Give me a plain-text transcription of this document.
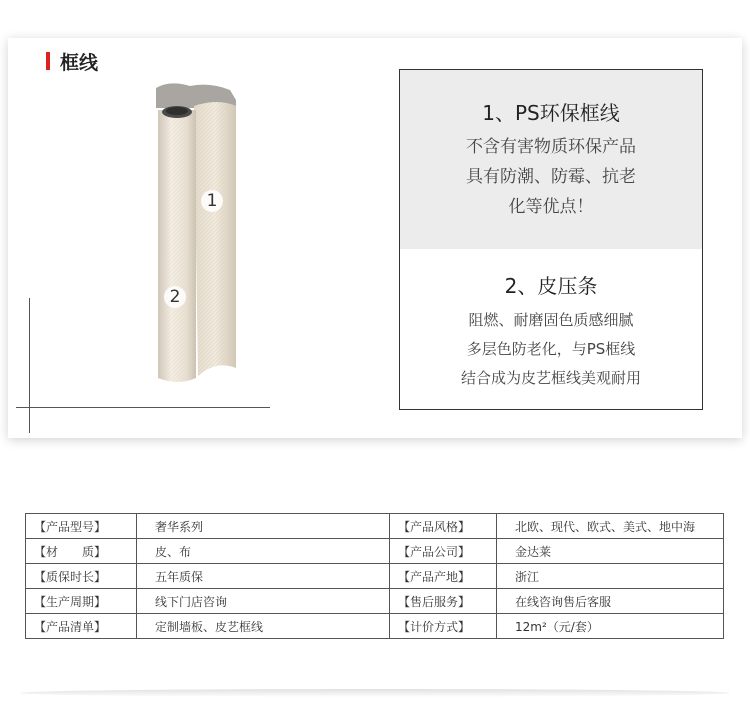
框线
1
2
1、PS环保框线
不含有害物质环保产品
具有防潮、防霉、抗老
化等优点！
2、皮压条
阻燃、耐磨固色质感细腻
多层色防老化，与PS框线
结合成为皮艺框线美观耐用
【产品型号】	奢华系列	【产品风格】	北欧、现代、欧式、美式、地中海
【材　　质】	皮、布	【产品公司】	金达莱
【质保时长】	五年质保	【产品产地】	浙江
【生产周期】	线下门店咨询	【售后服务】	在线咨询售后客服
【产品清单】	定制墙板、皮艺框线	【计价方式】	12m²（元/套）
